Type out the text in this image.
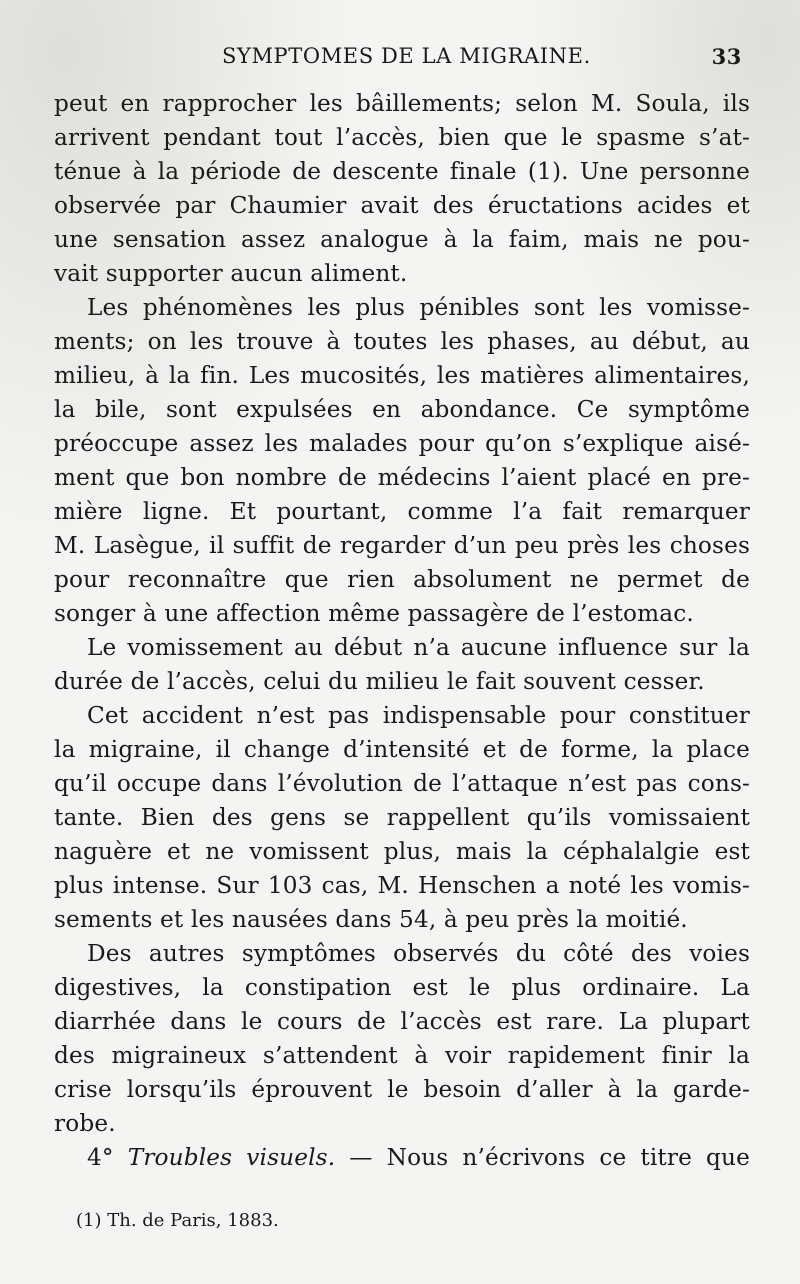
SYMPTOMES DE LA MIGRAINE.	33
peut en rapprocher les bâillements; selon M. Soula, ils
arrivent pendant tout l’accès, bien que le spasme s’at-
ténue à la période de descente finale (1). Une personne
observée par Chaumier avait des éructations acides et
une sensation assez analogue à la faim, mais ne pou-
vait supporter aucun aliment.
Les phénomènes les plus pénibles sont les vomisse-
ments; on les trouve à toutes les phases, au début, au
milieu, à la fin. Les mucosités, les matières alimentaires,
la bile, sont expulsées en abondance. Ce symptôme
préoccupe assez les malades pour qu’on s’explique aisé-
ment que bon nombre de médecins l’aient placé en pre-
mière ligne. Et pourtant, comme l’a fait remarquer
M. Lasègue, il suffit de regarder d’un peu près les choses
pour reconnaître que rien absolument ne permet de
songer à une affection même passagère de l’estomac.
Le vomissement au début n’a aucune influence sur la
durée de l’accès, celui du milieu le fait souvent cesser.
Cet accident n’est pas indispensable pour constituer
la migraine, il change d’intensité et de forme, la place
qu’il occupe dans l’évolution de l’attaque n’est pas cons-
tante. Bien des gens se rappellent qu’ils vomissaient
naguère et ne vomissent plus, mais la céphalalgie est
plus intense. Sur 103 cas, M. Henschen a noté les vomis-
sements et les nausées dans 54, à peu près la moitié.
Des autres symptômes observés du côté des voies
digestives, la constipation est le plus ordinaire. La
diarrhée dans le cours de l’accès est rare. La plupart
des migraineux s’attendent à voir rapidement finir la
crise lorsqu’ils éprouvent le besoin d’aller à la garde-
robe.
4° Troubles visuels. — Nous n’écrivons ce titre que
(1) Th. de Paris, 1883.
